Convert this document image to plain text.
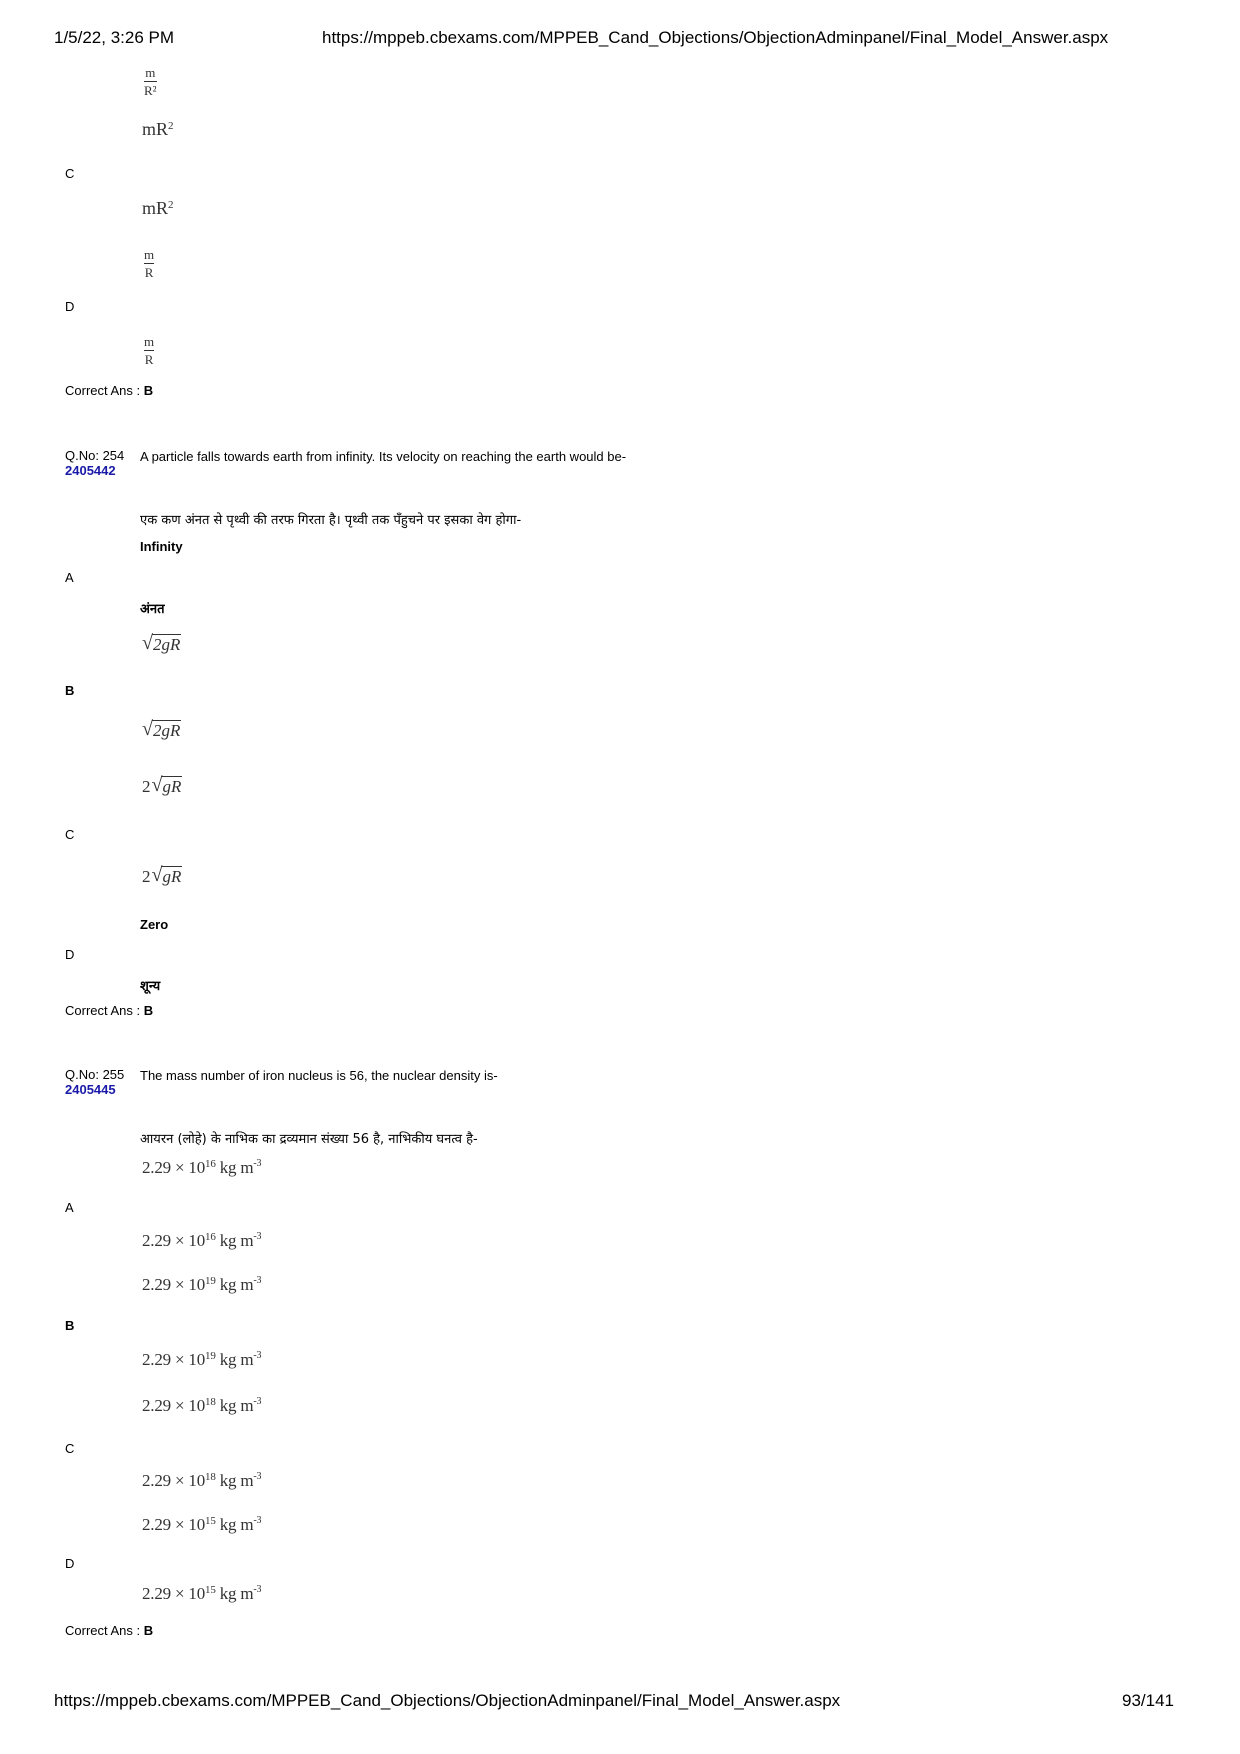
1/5/22, 3:26 PM	https://mppeb.cbexams.com/MPPEB_Cand_Objections/ObjectionAdminpanel/Final_Model_Answer.aspx
$\frac{m}{\text{R²}}$
$mR^2$
C
$mR^2$
$\frac{m}{R}$
D
$\frac{m}{R}$
Correct Ans : B
Q.No: 254
2405442
A particle falls towards earth from infinity. Its velocity on reaching the earth would be-
एक कण अंनत से पृथ्वी की तरफ गिरता है। पृथ्वी तक पँहुचने पर इसका वेग होगा-
Infinity
A
अंनत
√ 2gR
B
√ 2gR
2 √ gR
C
2 √ gR
Zero
D
शून्य
Correct Ans : B
Q.No: 255
2405445
The mass number of iron nucleus is 56, the nuclear density is-
आयरन (लोहे) के नाभिक का द्रव्यमान संख्या 56 है, नाभिकीय घनत्व है-
$2.29 \times 10^{16}$ kg $m^{-3}$
A
$2.29 \times 10^{16}$ kg $m^{-3}$
$2.29 \times 10^{19}$ kg $m^{-3}$
B
$2.29 \times 10^{19}$ kg $m^{-3}$
$2.29 \times 10^{18}$ kg $m^{-3}$
C
$2.29 \times 10^{18}$ kg $m^{-3}$
$2.29 \times 10^{15}$ kg $m^{-3}$
D
$2.29 \times 10^{15}$ kg $m^{-3}$
Correct Ans : B
https://mppeb.cbexams.com/MPPEB_Cand_Objections/ObjectionAdminpanel/Final_Model_Answer.aspx	93/141
